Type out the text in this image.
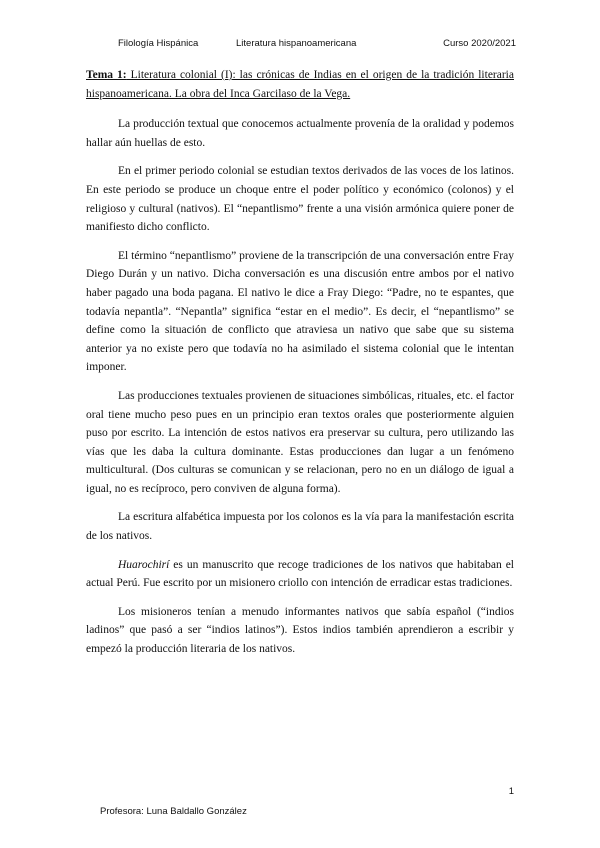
Filología Hispánica	Literatura hispanoamericana	Curso 2020/2021
Tema 1: Literatura colonial (I): las crónicas de Indias en el origen de la tradición literaria hispanoamericana. La obra del Inca Garcilaso de la Vega.

La producción textual que conocemos actualmente provenía de la oralidad y podemos hallar aún huellas de esto.

En el primer periodo colonial se estudian textos derivados de las voces de los latinos. En este periodo se produce un choque entre el poder político y económico (colonos) y el religioso y cultural (nativos). El “nepantlismo” frente a una visión armónica quiere poner de manifiesto dicho conflicto.

El término “nepantlismo” proviene de la transcripción de una conversación entre Fray Diego Durán y un nativo. Dicha conversación es una discusión entre ambos por el nativo haber pagado una boda pagana. El nativo le dice a Fray Diego: “Padre, no te espantes, que todavía nepantla”. “Nepantla” significa “estar en el medio”. Es decir, el “nepantlismo” se define como la situación de conflicto que atraviesa un nativo que sabe que su sistema anterior ya no existe pero que todavía no ha asimilado el sistema colonial que le intentan imponer.

Las producciones textuales provienen de situaciones simbólicas, rituales, etc. el factor oral tiene mucho peso pues en un principio eran textos orales que posteriormente alguien puso por escrito. La intención de estos nativos era preservar su cultura, pero utilizando las vías que les daba la cultura dominante. Estas producciones dan lugar a un fenómeno multicultural. (Dos culturas se comunican y se relacionan, pero no en un diálogo de igual a igual, no es recíproco, pero conviven de alguna forma).

La escritura alfabética impuesta por los colonos es la vía para la manifestación escrita de los nativos.

Huarochirí es un manuscrito que recoge tradiciones de los nativos que habitaban el actual Perú. Fue escrito por un misionero criollo con intención de erradicar estas tradiciones.

Los misioneros tenían a menudo informantes nativos que sabía español (“indios ladinos” que pasó a ser “indios latinos”). Estos indios también aprendieron a escribir y empezó la producción literaria de los nativos.

1
Profesora: Luna Baldallo González
